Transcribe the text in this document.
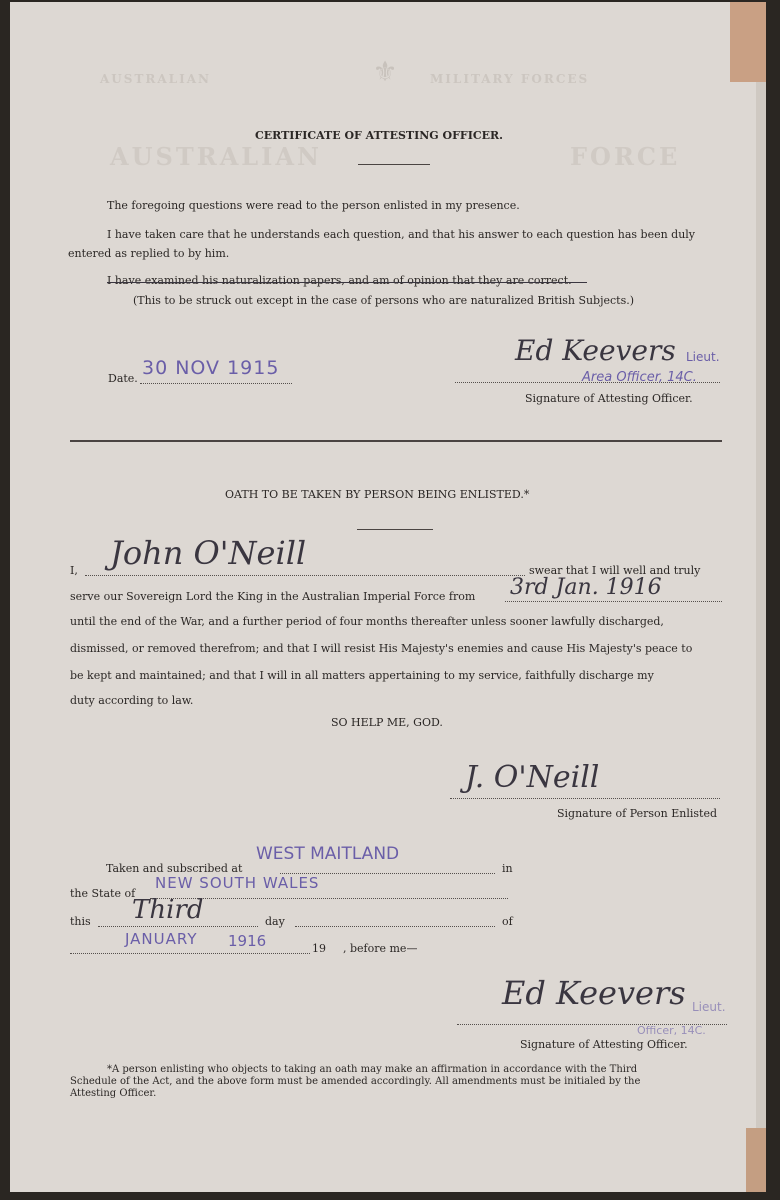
⚜
AUSTRALIAN	MILITARY FORCES
AUSTRALIAN	FORCE
CERTIFICATE OF ATTESTING OFFICER.
The foregoing questions were read to the person enlisted in my presence.
I have taken care that he understands each question, and that his answer to each question has been duly
entered as replied to by him.
I have examined his naturalization papers, and am of opinion that they are correct.
(This to be struck out except in the case of persons who are naturalized British Subjects.)
Date. 30 NOV 1915
Ed Keevers Lieut.
Area Officer, 14C.
Signature of Attesting Officer.
OATH TO BE TAKEN BY PERSON BEING ENLISTED.*
I, John O'Neill	swear that I will well and truly
serve our Sovereign Lord the King in the Australian Imperial Force from 3rd Jan. 1916
until the end of the War, and a further period of four months thereafter unless sooner lawfully discharged,
dismissed, or removed therefrom; and that I will resist His Majesty's enemies and cause His Majesty's peace to
be kept and maintained; and that I will in all matters appertaining to my service, faithfully discharge my
duty according to law.
SO HELP ME, GOD.
J. O'Neill
Signature of Person Enlisted
Taken and subscribed at
WEST MAITLAND
in
the State of
NEW SOUTH WALES
this Third	day	of
JANUARY 1916	19 , before me—
Ed Keevers Lieut.
Officer, 14C.
Signature of Attesting Officer.
*A person enlisting who objects to taking an oath may make an affirmation in accordance with the Third
Schedule of the Act, and the above form must be amended accordingly. All amendments must be initialed by the
Attesting Officer.
